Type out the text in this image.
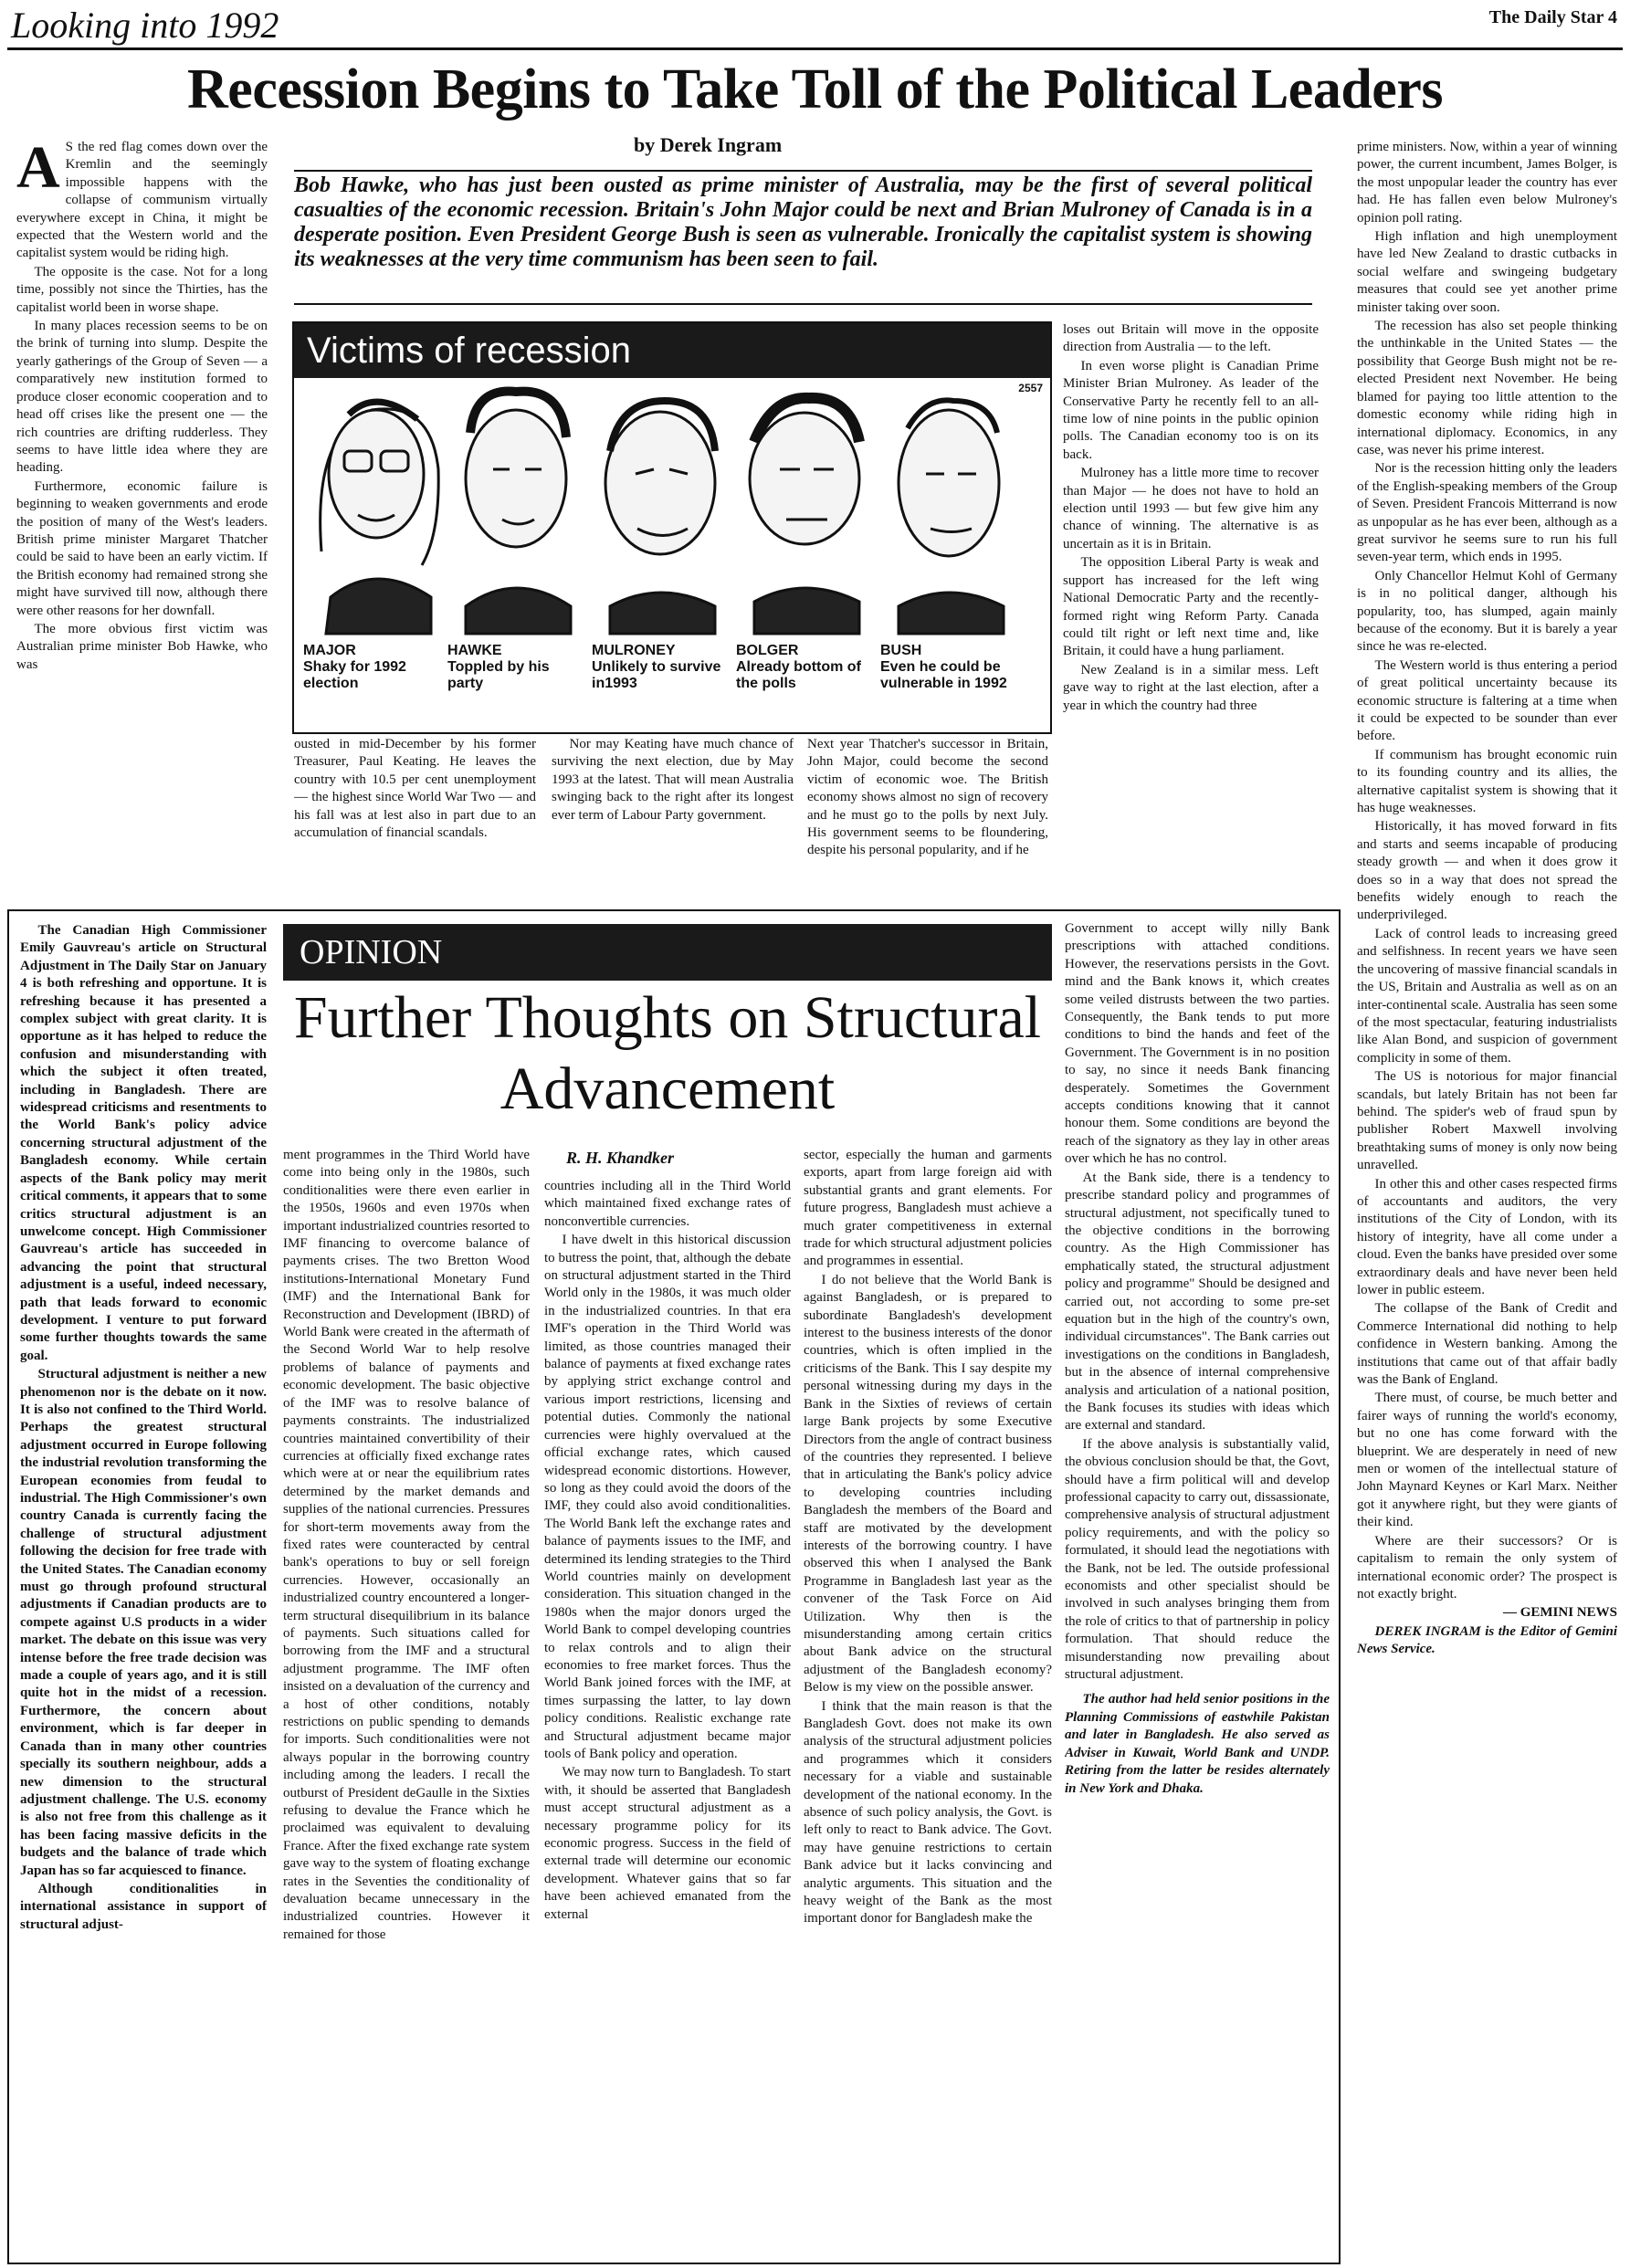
Looking into 1992	The Daily Star 4
Recession Begins to Take Toll of the Political Leaders
by Derek Ingram
Bob Hawke, who has just been ousted as prime minister of Australia, may be the first of several political casualties of the economic recession. Britain's John Major could be next and Brian Mulroney of Canada is in a desperate position. Even President George Bush is seen as vulnerable. Ironically the capitalist system is showing its weaknesses at the very time communism has been seen to fail.

A S the red flag comes down over the Kremlin and the seemingly impossible happens with the collapse of communism virtually everywhere except in China, it might be expected that the Western world and the capitalist system would be riding high.

The opposite is the case. Not for a long time, possibly not since the Thirties, has the capitalist world been in worse shape.

In many places recession seems to be on the brink of turning into slump. Despite the yearly gatherings of the Group of Seven — a comparatively new institution formed to produce closer economic cooperation and to head off crises like the present one — the rich countries are drifting rudderless. They seems to have little idea where they are heading.

Furthermore, economic failure is beginning to weaken governments and erode the position of many of the West's leaders. British prime minister Margaret Thatcher could be said to have been an early victim. If the British economy had remained strong she might have survived till now, although there were other reasons for her downfall.

The more obvious first victim was Australian prime minister Bob Hawke, who was

Victims of recession
2557
MAJOR
Shaky for 1992 election
HAWKE
Toppled by his party
MULRONEY
Unlikely to survive in1993
BOLGER
Already bottom of the polls
BUSH
Even he could be vulnerable in 1992

ousted in mid-December by his former Treasurer, Paul Keating. He leaves the country with 10.5 per cent unemployment — the highest since World War Two — and his fall was at lest also in part due to an accumulation of financial scandals.

Nor may Keating have much chance of surviving the next election, due by May 1993 at the latest. That will mean Australia swinging back to the right after its longest ever term of Labour Party government.

Next year Thatcher's successor in Britain, John Major, could become the second victim of economic woe. The British economy shows almost no sign of recovery and he must go to the polls by next July. His government seems to be floundering, despite his personal popularity, and if he

loses out Britain will move in the opposite direction from Australia — to the left.

In even worse plight is Canadian Prime Minister Brian Mulroney. As leader of the Conservative Party he recently fell to an all-time low of nine points in the public opinion polls. The Canadian economy too is on its back.

Mulroney has a little more time to recover than Major — he does not have to hold an election until 1993 — but few give him any chance of winning. The alternative is as uncertain as it is in Britain.

The opposition Liberal Party is weak and support has increased for the left wing National Democratic Party and the recently-formed right wing Reform Party. Canada could tilt right or left next time and, like Britain, it could have a hung parliament.

New Zealand is in a similar mess. Left gave way to right at the last election, after a year in which the country had three

prime ministers. Now, within a year of winning power, the current incumbent, James Bolger, is the most unpopular leader the country has ever had. He has fallen even below Mulroney's opinion poll rating.

High inflation and high unemployment have led New Zealand to drastic cutbacks in social welfare and swingeing budgetary measures that could see yet another prime minister taking over soon.

The recession has also set people thinking the unthinkable in the United States — the possibility that George Bush might not be re-elected President next November. He being blamed for paying too little attention to the domestic economy while riding high in international diplomacy. Economics, in any case, was never his prime interest.

Nor is the recession hitting only the leaders of the English-speaking members of the Group of Seven. President Francois Mitterrand is now as unpopular as he has ever been, although as a great survivor he seems sure to run his full seven-year term, which ends in 1995.

Only Chancellor Helmut Kohl of Germany is in no political danger, although his popularity, too, has slumped, again mainly because of the economy. But it is barely a year since he was re-elected.

The Western world is thus entering a period of great political uncertainty because its economic structure is faltering at a time when it could be expected to be sounder than ever before.

If communism has brought economic ruin to its founding country and its allies, the alternative capitalist system is showing that it has huge weaknesses.

Historically, it has moved forward in fits and starts and seems incapable of producing steady growth — and when it does grow it does so in a way that does not spread the benefits widely enough to reach the underprivileged.

Lack of control leads to increasing greed and selfishness. In recent years we have seen the uncovering of massive financial scandals in the US, Britain and Australia as well as on an inter-continental scale. Australia has seen some of the most spectacular, featuring industrialists like Alan Bond, and suspicion of government complicity in some of them.

The US is notorious for major financial scandals, but lately Britain has not been far behind. The spider's web of fraud spun by publisher Robert Maxwell involving breathtaking sums of money is only now being unravelled.

In other this and other cases respected firms of accountants and auditors, the very institutions of the City of London, with its history of integrity, have all come under a cloud. Even the banks have presided over some extraordinary deals and have never been held lower in public esteem.

The collapse of the Bank of Credit and Commerce International did nothing to help confidence in Western banking. Among the institutions that came out of that affair badly was the Bank of England.

There must, of course, be much better and fairer ways of running the world's economy, but no one has come forward with the blueprint. We are desperately in need of new men or women of the intellectual stature of John Maynard Keynes or Karl Marx. Neither got it anywhere right, but they were giants of their kind.

Where are their successors? Or is capitalism to remain the only system of international economic order? The prospect is not exactly bright.

— GEMINI NEWS

DEREK INGRAM is the Editor of Gemini News Service.

OPINION
Further Thoughts on Structural Advancement
R. H. Khandker

The Canadian High Commissioner Emily Gauvreau's article on Structural Adjustment in The Daily Star on January 4 is both refreshing and opportune. It is refreshing because it has presented a complex subject with great clarity. It is opportune as it has helped to reduce the confusion and misunderstanding with which the subject it often treated, including in Bangladesh. There are widespread criticisms and resentments to the World Bank's policy advice concerning structural adjustment of the Bangladesh economy. While certain aspects of the Bank policy may merit critical comments, it appears that to some critics structural adjustment is an unwelcome concept. High Commissioner Gauvreau's article has succeeded in advancing the point that structural adjustment is a useful, indeed necessary, path that leads forward to economic development. I venture to put forward some further thoughts towards the same goal.

Structural adjustment is neither a new phenomenon nor is the debate on it now. It is also not confined to the Third World. Perhaps the greatest structural adjustment occurred in Europe following the industrial revolution transforming the European economies from feudal to industrial. The High Commissioner's own country Canada is currently facing the challenge of structural adjustment following the decision for free trade with the United States. The Canadian economy must go through profound structural adjustments if Canadian products are to compete against U.S products in a wider market. The debate on this issue was very intense before the free trade decision was made a couple of years ago, and it is still quite hot in the midst of a recession. Furthermore, the concern about environment, which is far deeper in Canada than in many other countries specially its southern neighbour, adds a new dimension to the structural adjustment challenge. The U.S. economy is also not free from this challenge as it has been facing massive deficits in the budgets and the balance of trade which Japan has so far acquiesced to finance.

Although conditionalities in international assistance in support of structural adjust-

ment programmes in the Third World have come into being only in the 1980s, such conditionalities were there even earlier in the 1950s, 1960s and even 1970s when important industrialized countries resorted to IMF financing to overcome balance of payments crises. The two Bretton Wood institutions-International Monetary Fund (IMF) and the International Bank for Reconstruction and Development (IBRD) of World Bank were created in the aftermath of the Second World War to help resolve problems of balance of payments and economic development. The basic objective of the IMF was to resolve balance of payments constraints. The industrialized countries maintained convertibility of their currencies at officially fixed exchange rates which were at or near the equilibrium rates determined by the market demands and supplies of the national currencies. Pressures for short-term movements away from the fixed rates were counteracted by central bank's operations to buy or sell foreign currencies. However, occasionally an industrialized country encountered a longer-term structural disequilibrium in its balance of payments. Such situations called for borrowing from the IMF and a structural adjustment programme. The IMF often insisted on a devaluation of the currency and a host of other conditions, notably restrictions on public spending to demands for imports. Such conditionalities were not always popular in the borrowing country including among the leaders. I recall the outburst of President deGaulle in the Sixties refusing to devalue the France which he proclaimed was equivalent to devaluing France. After the fixed exchange rate system gave way to the system of floating exchange rates in the Seventies the conditionality of devaluation became unnecessary in the industrialized countries. However it remained for those

countries including all in the Third World which maintained fixed exchange rates of nonconvertible currencies.

I have dwelt in this historical discussion to butress the point, that, although the debate on structural adjustment started in the Third World only in the 1980s, it was much older in the industrialized countries. In that era IMF's operation in the Third World was limited, as those countries managed their balance of payments at fixed exchange rates by applying strict exchange control and various import restrictions, licensing and potential duties. Commonly the national currencies were highly overvalued at the official exchange rates, which caused widespread economic distortions. However, so long as they could avoid the doors of the IMF, they could also avoid conditionalities. The World Bank left the exchange rates and balance of payments issues to the IMF, and determined its lending strategies to the Third World countries mainly on development consideration. This situation changed in the 1980s when the major donors urged the World Bank to compel developing countries to relax controls and to align their economies to free market forces. Thus the World Bank joined forces with the IMF, at times surpassing the latter, to lay down policy conditions. Realistic exchange rate and Structural adjustment became major tools of Bank policy and operation.

We may now turn to Bangladesh. To start with, it should be asserted that Bangladesh must accept structural adjustment as a necessary programme policy for its economic progress. Success in the field of external trade will determine our economic development. Whatever gains that so far have been achieved emanated from the external

sector, especially the human and garments exports, apart from large foreign aid with substantial grants and grant elements. For future progress, Bangladesh must achieve a much grater competitiveness in external trade for which structural adjustment policies and programmes in essential.

I do not believe that the World Bank is against Bangladesh, or is prepared to subordinate Bangladesh's development interest to the business interests of the donor countries, which is often implied in the criticisms of the Bank. This I say despite my personal witnessing during my days in the Bank in the Sixties of reviews of certain large Bank projects by some Executive Directors from the angle of contract business of the countries they represented. I believe that in articulating the Bank's policy advice to developing countries including Bangladesh the members of the Board and staff are motivated by the development interests of the borrowing country. I have observed this when I analysed the Bank Programme in Bangladesh last year as the convener of the Task Force on Aid Utilization. Why then is the misunderstanding among certain critics about Bank advice on the structural adjustment of the Bangladesh economy? Below is my view on the possible answer.

I think that the main reason is that the Bangladesh Govt. does not make its own analysis of the structural adjustment policies and programmes which it considers necessary for a viable and sustainable development of the national economy. In the absence of such policy analysis, the Govt. is left only to react to Bank advice. The Govt. may have genuine restrictions to certain Bank advice but it lacks convincing and analytic arguments. This situation and the heavy weight of the Bank as the most important donor for Bangladesh make the

Government to accept willy nilly Bank prescriptions with attached conditions. However, the reservations persists in the Govt. mind and the Bank knows it, which creates some veiled distrusts between the two parties. Consequently, the Bank tends to put more conditions to bind the hands and feet of the Government. The Government is in no position to say, no since it needs Bank financing desperately. Sometimes the Government accepts conditions knowing that it cannot honour them. Some conditions are beyond the reach of the signatory as they lay in other areas over which he has no control.

At the Bank side, there is a tendency to prescribe standard policy and programmes of structural adjustment, not specifically tuned to the objective conditions in the borrowing country. As the High Commissioner has emphatically stated, the structural adjustment policy and programme" Should be designed and carried out, not according to some pre-set equation but in the high of the country's own, individual circumstances". The Bank carries out investigations on the conditions in Bangladesh, but in the absence of internal comprehensive analysis and articulation of a national position, the Bank focuses its studies with ideas which are external and standard.

If the above analysis is substantially valid, the obvious conclusion should be that, the Govt, should have a firm political will and develop professional capacity to carry out, dissassionate, comprehensive analysis of structural adjustment policy requirements, and with the policy so formulated, it should lead the negotiations with the Bank, not be led. The outside professional economists and other specialist should be involved in such analyses bringing them from the role of critics to that of partnership in policy formulation. That should reduce the misunderstanding now prevailing about structural adjustment.

The author had held senior positions in the Planning Commissions of eastwhile Pakistan and later in Bangladesh. He also served as Adviser in Kuwait, World Bank and UNDP. Retiring from the latter be resides alternately in New York and Dhaka.
